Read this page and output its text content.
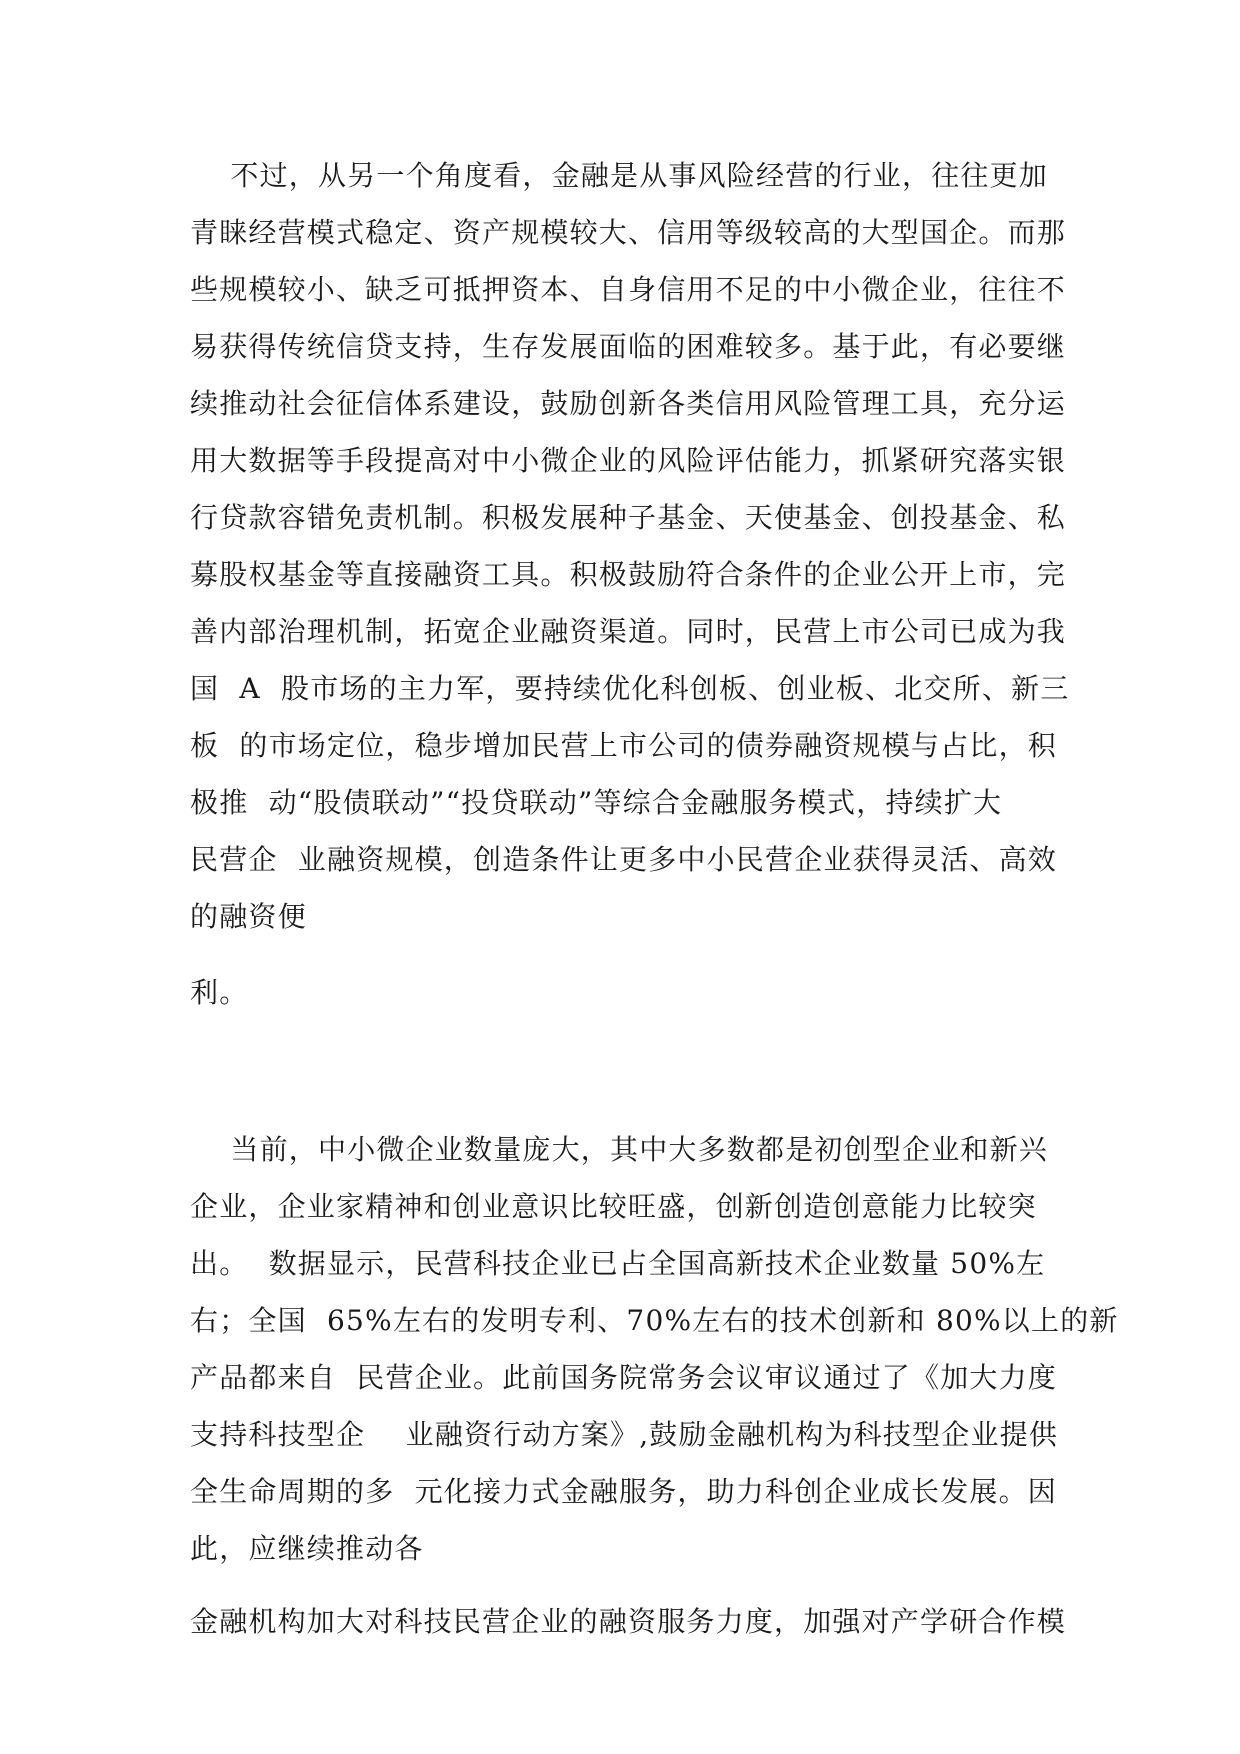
不过，从另一个角度看，金融是从事风险经营的行业，往往更加
青睐经营模式稳定、资产规模较大、信用等级较高的大型国企。而那
些规模较小、缺乏可抵押资本、自身信用不足的中小微企业，往往不
易获得传统信贷支持，生存发展面临的困难较多。基于此，有必要继
续推动社会征信体系建设，鼓励创新各类信用风险管理工具，充分运
用大数据等手段提高对中小微企业的风险评估能力，抓紧研究落实银
行贷款容错免责机制。积极发展种子基金、天使基金、创投基金、私
募股权基金等直接融资工具。积极鼓励符合条件的企业公开上市，完
善内部治理机制，拓宽企业融资渠道。同时，民营上市公司已成为我
国  A  股市场的主力军，要持续优化科创板、创业板、北交所、新三
板  的市场定位，稳步增加民营上市公司的债券融资规模与占比，积
极推  动“股债联动”“投贷联动”等综合金融服务模式，持续扩大
民营企  业融资规模，创造条件让更多中小民营企业获得灵活、高效
的融资便
利。
当前，中小微企业数量庞大，其中大多数都是初创型企业和新兴
企业，企业家精神和创业意识比较旺盛，创新创造创意能力比较突
出。  数据显示，民营科技企业已占全国高新技术企业数量 50%左
右；全国  65%左右的发明专利、70%左右的技术创新和 80%以上的新
产品都来自  民营企业。此前国务院常务会议审议通过了《加大力度
支持科技型企    业融资行动方案》,鼓励金融机构为科技型企业提供
全生命周期的多  元化接力式金融服务，助力科创企业成长发展。因
此，应继续推动各
金融机构加大对科技民营企业的融资服务力度，加强对产学研合作模
